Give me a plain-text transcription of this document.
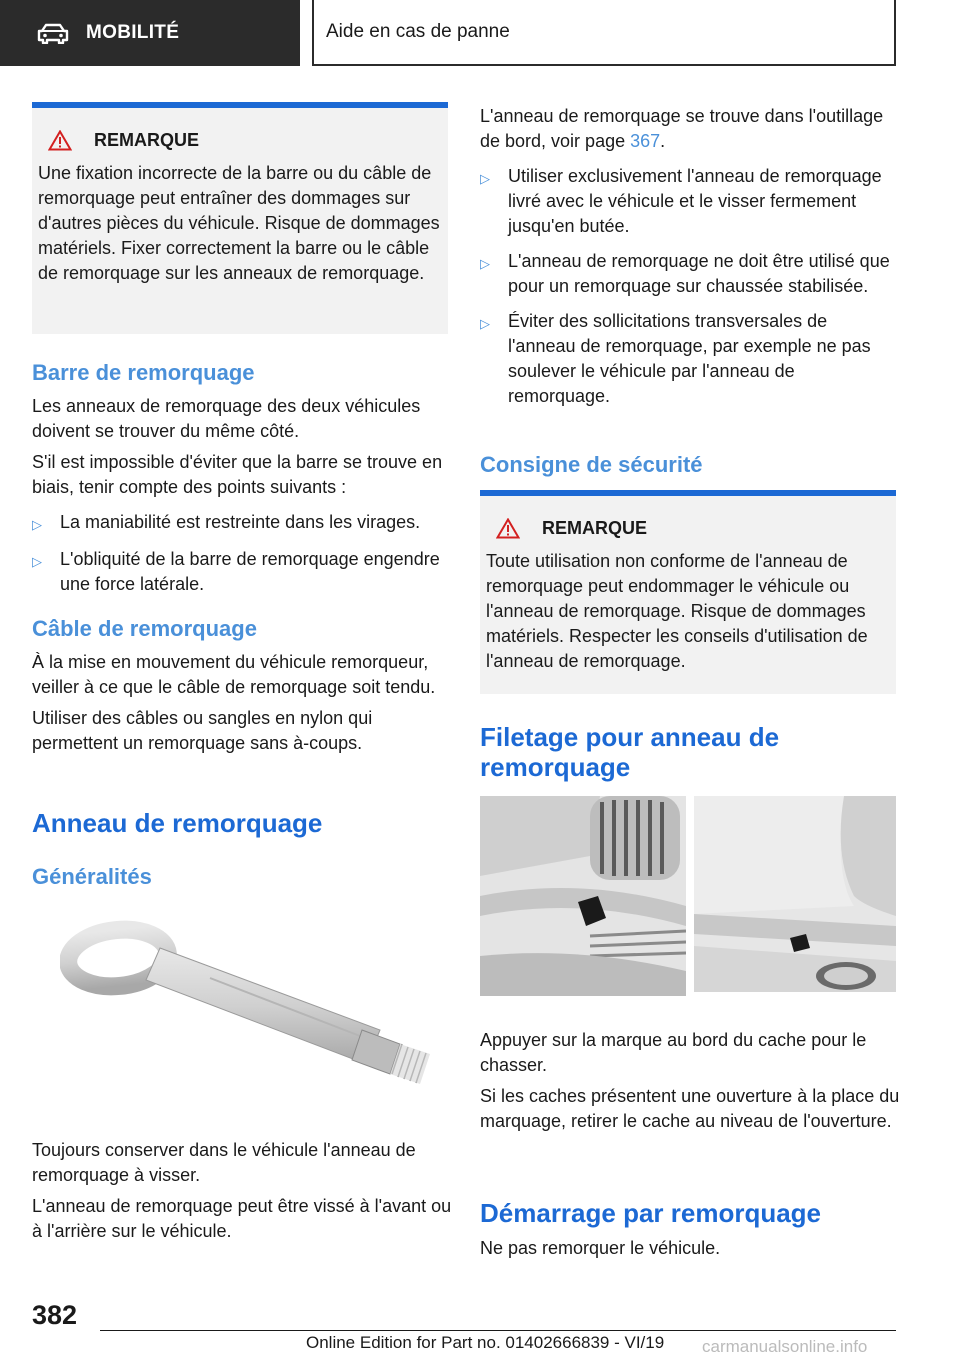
MOBILITÉ	Aide en cas de panne
REMARQUE

Une fixation incorrecte de la barre ou du câble de remorquage peut entraîner des dommages sur d'autres pièces du véhicule. Risque de dommages matériels. Fixer correctement la barre ou le câble de remorquage sur les anneaux de remorquage.

Barre de remorquage

Les anneaux de remorquage des deux véhicules doivent se trouver du même côté.

S'il est impossible d'éviter que la barre se trouve en biais, tenir compte des points suivants :

▷	La maniabilité est restreinte dans les virages.
▷	L'obliquité de la barre de remorquage engendre une force latérale.
Câble de remorquage

À la mise en mouvement du véhicule remorqueur, veiller à ce que le câble de remorquage soit tendu.

Utiliser des câbles ou sangles en nylon qui permettent un remorquage sans à-coups.

Anneau de remorquage
Généralités

Toujours conserver dans le véhicule l'anneau de remorquage à visser.

L'anneau de remorquage peut être vissé à l'avant ou à l'arrière sur le véhicule.

L'anneau de remorquage se trouve dans l'outillage de bord, voir page 367.

▷	Utiliser exclusivement l'anneau de remorquage livré avec le véhicule et le visser fermement jusqu'en butée.
▷	L'anneau de remorquage ne doit être utilisé que pour un remorquage sur chaussée stabilisée.
▷	Éviter des sollicitations transversales de l'anneau de remorquage, par exemple ne pas soulever le véhicule par l'anneau de remorquage.
Consigne de sécurité
REMARQUE

Toute utilisation non conforme de l'anneau de remorquage peut endommager le véhicule ou l'anneau de remorquage. Risque de dommages matériels. Respecter les conseils d'utilisation de l'anneau de remorquage.

Filetage pour anneau de remorquage

Appuyer sur la marque au bord du cache pour le chasser.

Si les caches présentent une ouverture à la place du marquage, retirer le cache au niveau de l'ouverture.

Démarrage par remorquage

Ne pas remorquer le véhicule.

382
Online Edition for Part no. 01402666839 - VI/19 carmanualsonline.info
